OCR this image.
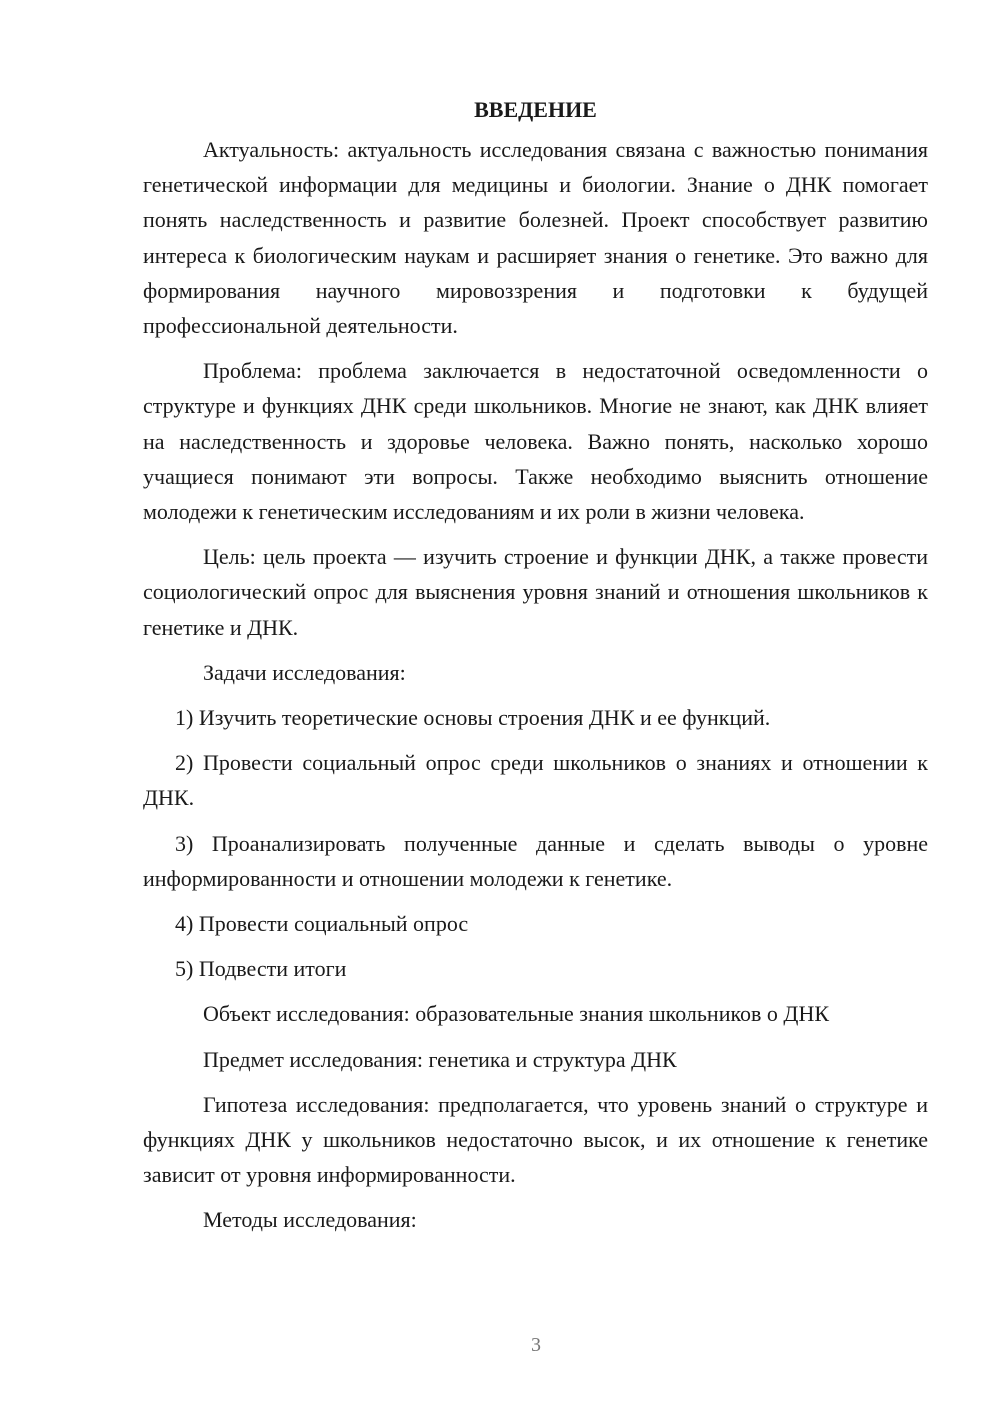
ВВЕДЕНИЕ

Актуальность: актуальность исследования связана с важностью понимания генетической информации для медицины и биологии. Знание о ДНК помогает понять наследственность и развитие болезней. Проект способствует развитию интереса к биологическим наукам и расширяет знания о генетике. Это важно для формирования научного мировоззрения и подготовки к будущей профессиональной деятельности.

Проблема: проблема заключается в недостаточной осведомленности о структуре и функциях ДНК среди школьников. Многие не знают, как ДНК влияет на наследственность и здоровье человека. Важно понять, насколько хорошо учащиеся понимают эти вопросы. Также необходимо выяснить отношение молодежи к генетическим исследованиям и их роли в жизни человека.

Цель: цель проекта — изучить строение и функции ДНК, а также провести социологический опрос для выяснения уровня знаний и отношения школьников к генетике и ДНК.

Задачи исследования:

1) Изучить теоретические основы строения ДНК и ее функций.

2) Провести социальный опрос среди школьников о знаниях и отношении к ДНК.

3) Проанализировать полученные данные и сделать выводы о уровне информированности и отношении молодежи к генетике.

4) Провести социальный опрос

5) Подвести итоги

Объект исследования: образовательные знания школьников о ДНК

Предмет исследования: генетика и структура ДНК

Гипотеза исследования: предполагается, что уровень знаний о структуре и функциях ДНК у школьников недостаточно высок, и их отношение к генетике зависит от уровня информированности.

Методы исследования:

3
